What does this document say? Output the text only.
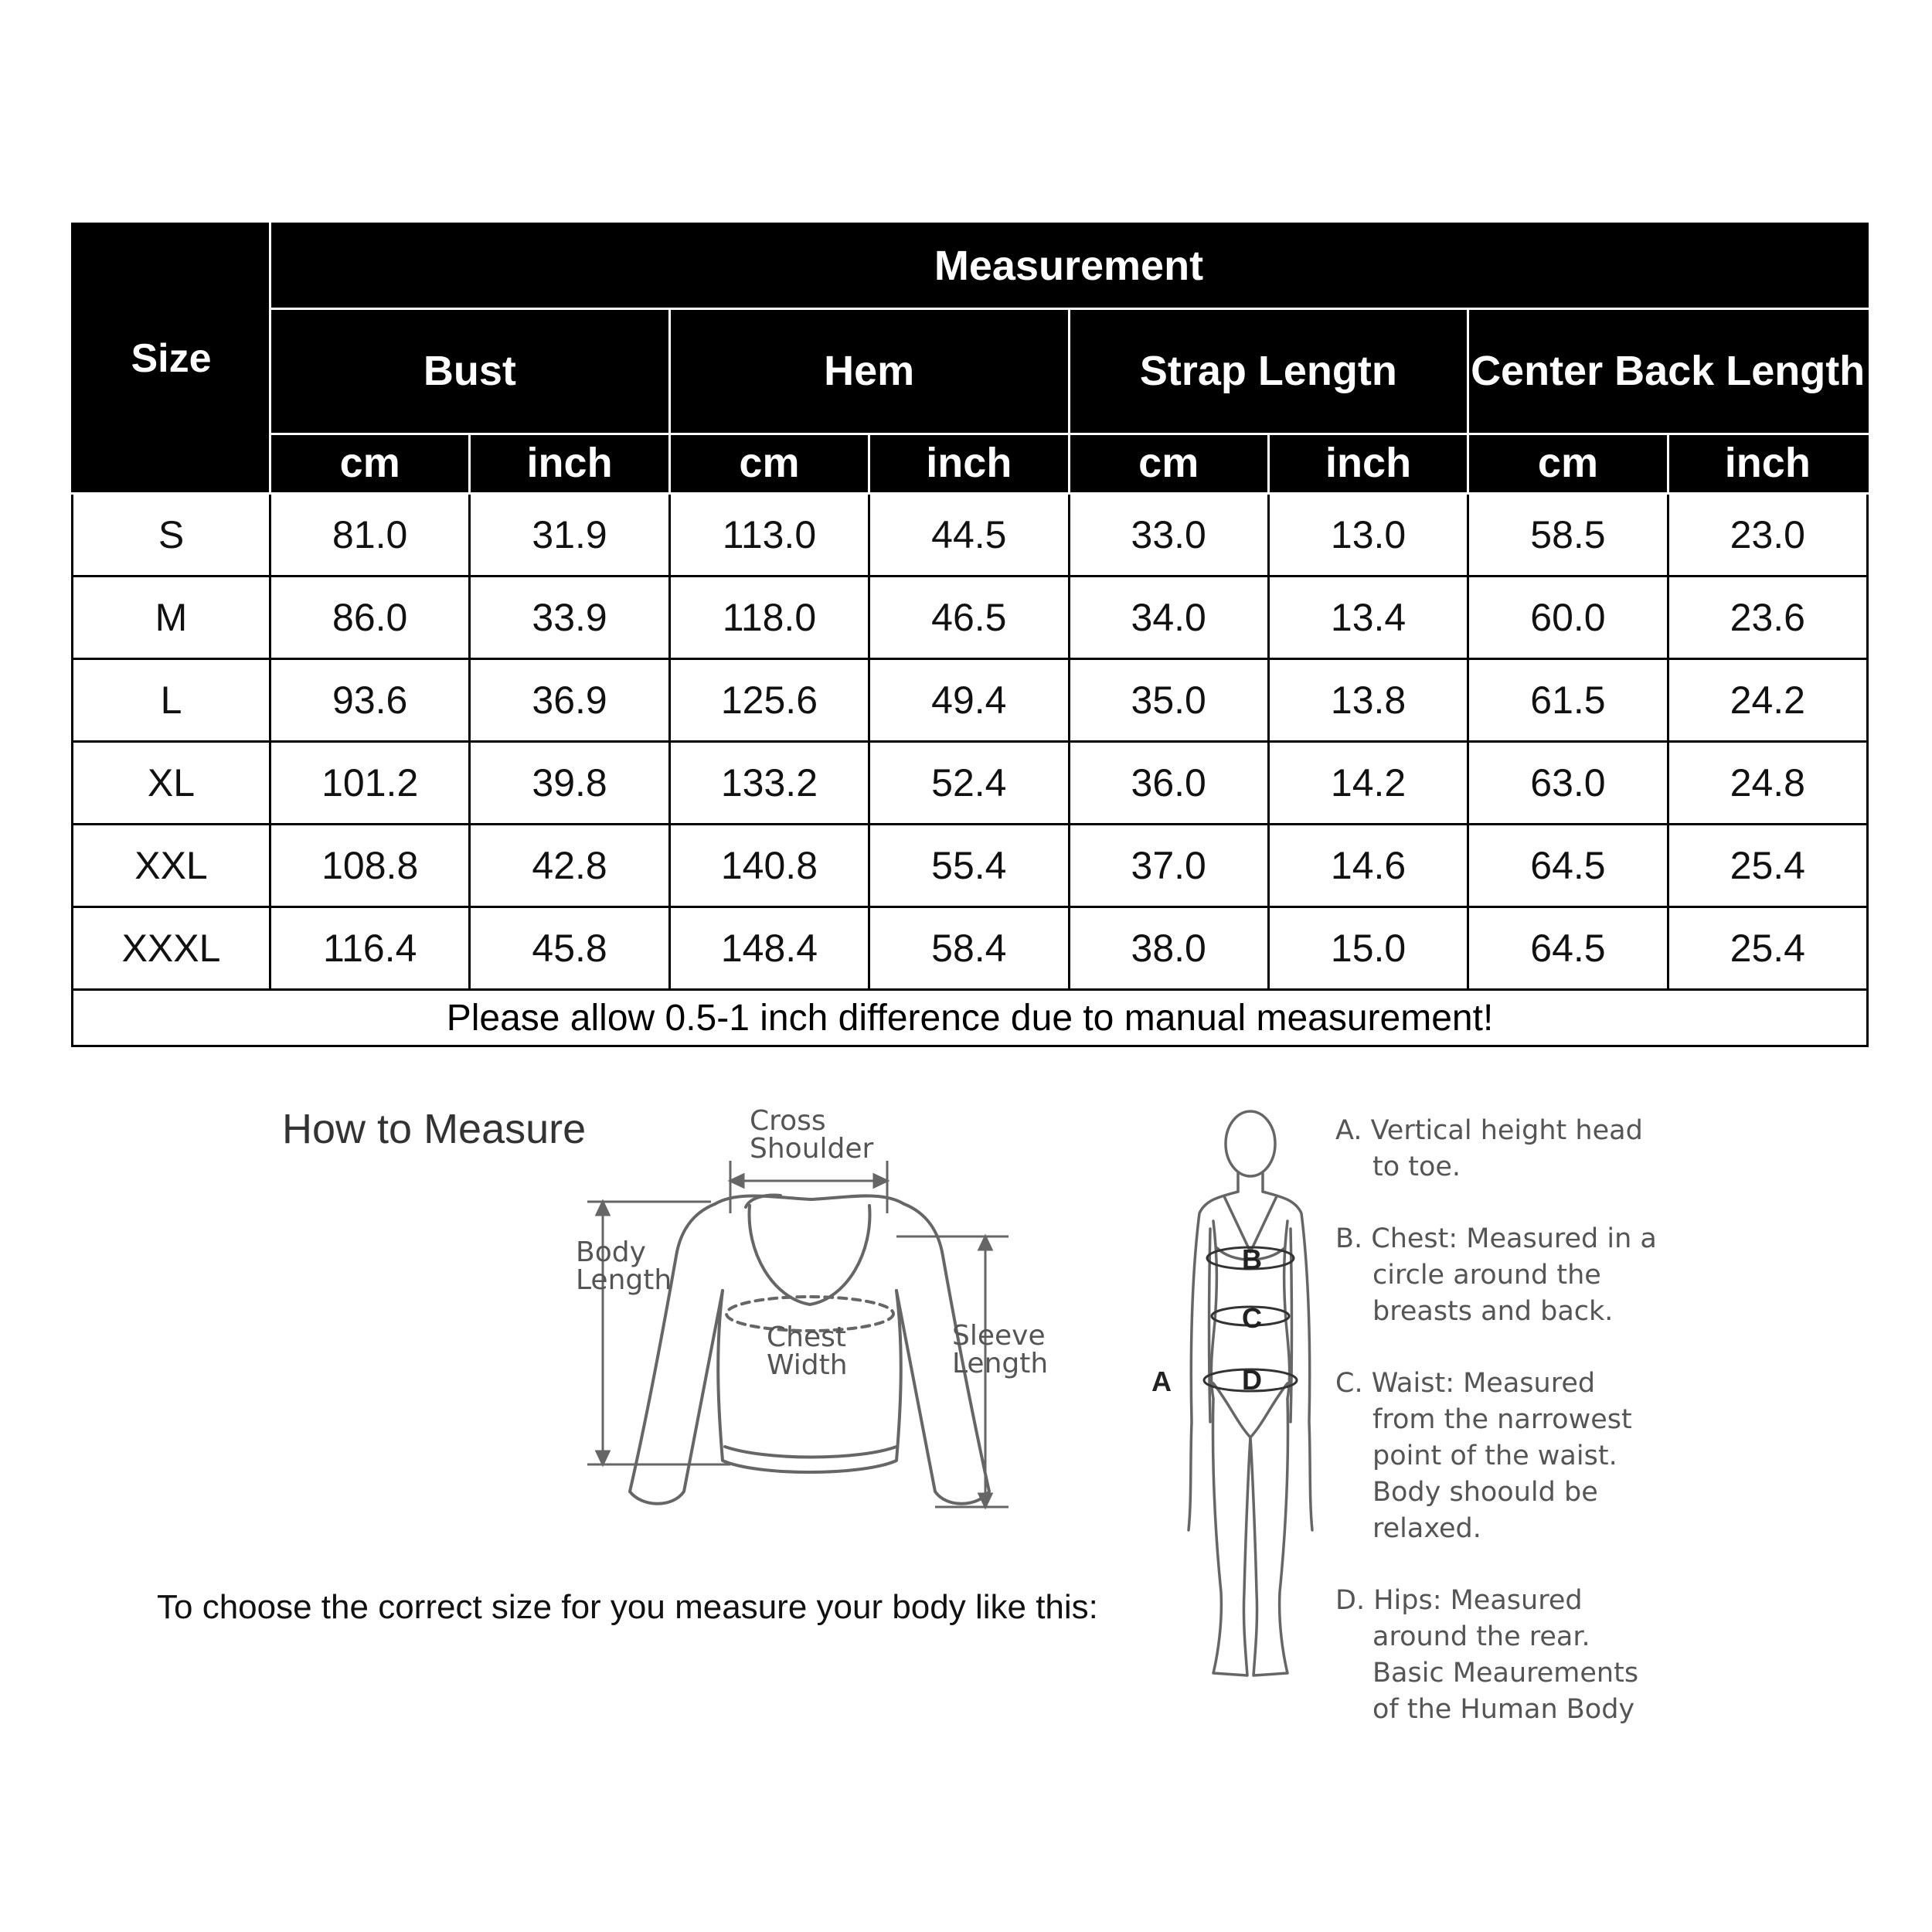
Size	Measurement							
	Bust		Hem		Strap Lengtn		Center Back Length	
	cm	inch	cm	inch	cm	inch	cm	inch
S	81.0	31.9	113.0	44.5	33.0	13.0	58.5	23.0
M	86.0	33.9	118.0	46.5	34.0	13.4	60.0	23.6
L	93.6	36.9	125.6	49.4	35.0	13.8	61.5	24.2
XL	101.2	39.8	133.2	52.4	36.0	14.2	63.0	24.8
XXL	108.8	42.8	140.8	55.4	37.0	14.6	64.5	25.4
XXXL	116.4	45.8	148.4	58.4	38.0	15.0	64.5	25.4
Please allow 0.5-1 inch difference due to manual measurement!								
How to Measure	Cross
Shoulder
Body
Length
Chest
Width
Sleeve
Length
A
B
C
D
A. Vertical height head
to toe.
B. Chest: Measured in a
circle around the
breasts and back.
C. Waist: Measured
from the narrowest
point of the waist.
Body shoould be
relaxed.
D. Hips: Measured
around the rear.
Basic Meaurements
of the Human Body
To choose the correct size for you measure your body like this:
